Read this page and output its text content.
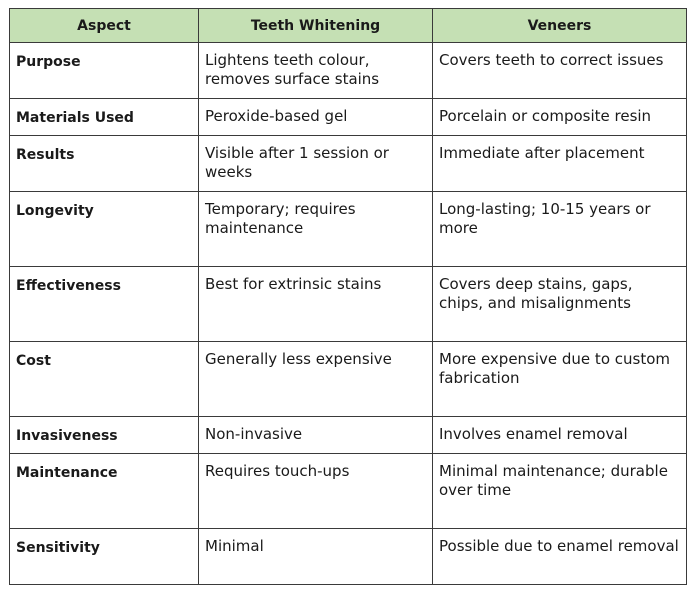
Aspect	Teeth Whitening	Veneers
Purpose	Lightens teeth colour, removes surface stains	Covers teeth to correct issues
Materials Used	Peroxide-based gel	Porcelain or composite resin
Results	Visible after 1 session or weeks	Immediate after placement
Longevity	Temporary; requires maintenance	Long-lasting; 10-15 years or more
Effectiveness	Best for extrinsic stains	Covers deep stains, gaps, chips, and misalignments
Cost	Generally less expensive	More expensive due to custom fabrication
Invasiveness	Non-invasive	Involves enamel removal
Maintenance	Requires touch-ups	Minimal maintenance; durable over time
Sensitivity	Minimal	Possible due to enamel removal
